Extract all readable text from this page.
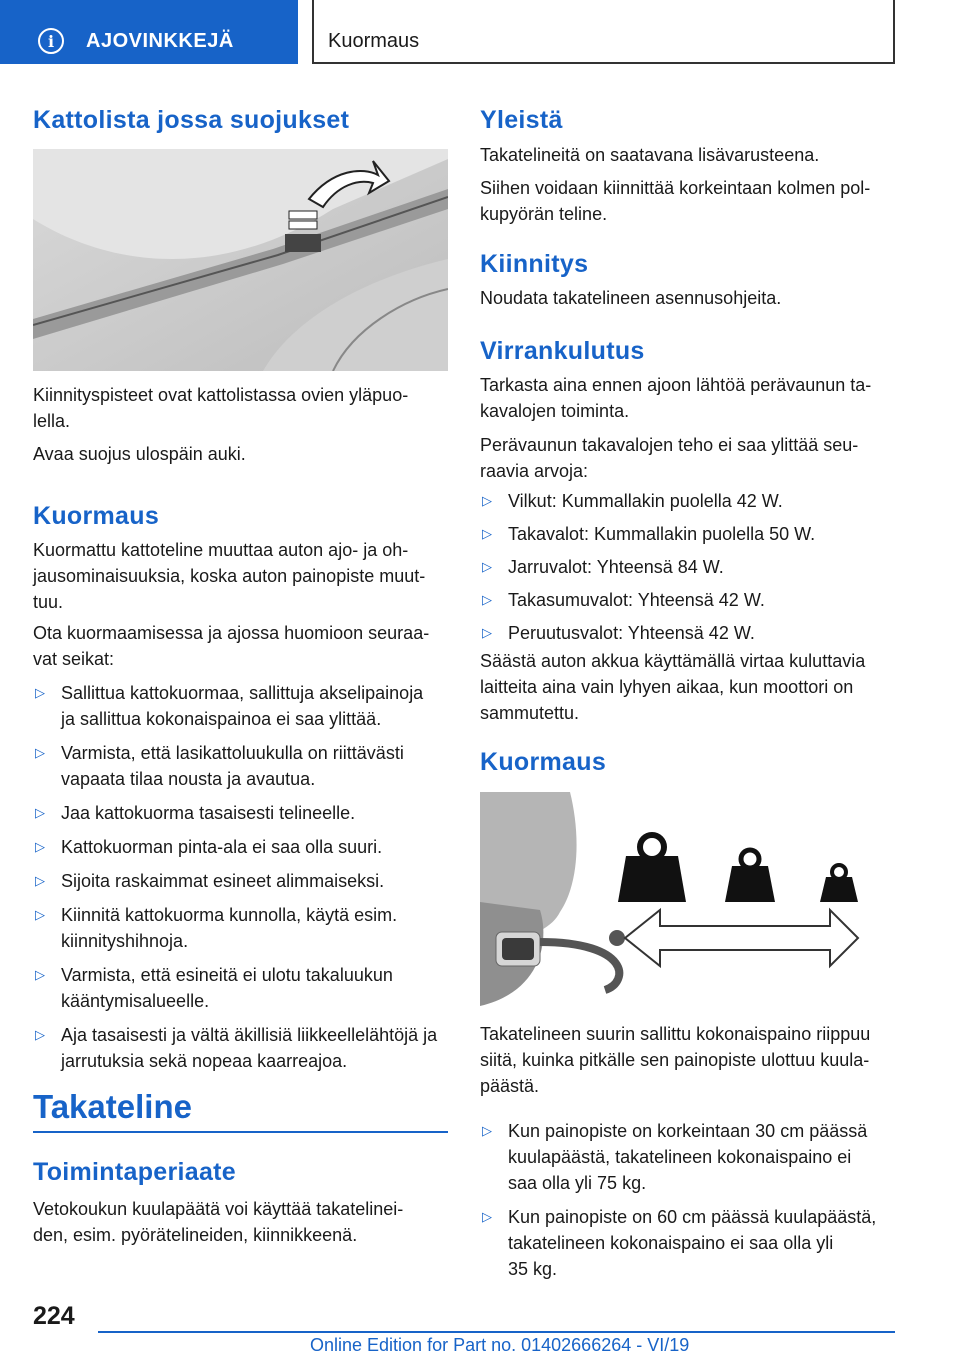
i	AJOVINKKEJÄ	Kuormaus
Kattolista jossa suojukset

Kiinnityspisteet ovat kattolistassa ovien yläpuo-
lella.

Avaa suojus ulospäin auki.

Kuormaus

Kuormattu kattoteline muuttaa auton ajo- ja oh-
jausominaisuuksia, koska auton painopiste muut-
tuu.

Ota kuormaamisessa ja ajossa huomioon seuraa-
vat seikat:

▷ Sallittua kattokuormaa, sallittuja akselipainoja
ja sallittua kokonaispainoa ei saa ylittää.
▷ Varmista, että lasikattoluukulla on riittävästi
vapaata tilaa nousta ja avautua.
▷ Jaa kattokuorma tasaisesti telineelle.
▷ Kattokuorman pinta-ala ei saa olla suuri.
▷ Sijoita raskaimmat esineet alimmaiseksi.
▷ Kiinnitä kattokuorma kunnolla, käytä esim.
kiinnityshihnoja.
▷ Varmista, että esineitä ei ulotu takaluukun
kääntymisalueelle.
▷ Aja tasaisesti ja vältä äkillisiä liikkeellelähtöjä ja
jarrutuksia sekä nopeaa kaarreajoa.
Takateline
Toimintaperiaate

Vetokoukun kuulapäätä voi käyttää takatelinei-
den, esim. pyörätelineiden, kiinnikkeenä.

Yleistä

Takatelineitä on saatavana lisävarusteena.

Siihen voidaan kiinnittää korkeintaan kolmen pol-
kupyörän teline.

Kiinnitys

Noudata takatelineen asennusohjeita.

Virrankulutus

Tarkasta aina ennen ajoon lähtöä perävaunun ta-
kavalojen toiminta.

Perävaunun takavalojen teho ei saa ylittää seu-
raavia arvoja:

▷ Vilkut: Kummallakin puolella 42 W.
▷ Takavalot: Kummallakin puolella 50 W.
▷ Jarruvalot: Yhteensä 84 W.
▷ Takasumuvalot: Yhteensä 42 W.
▷ Peruutusvalot: Yhteensä 42 W.

Säästä auton akkua käyttämällä virtaa kuluttavia
laitteita aina vain lyhyen aikaa, kun moottori on
sammutettu.

Kuormaus

Takatelineen suurin sallittu kokonaispaino riippuu
siitä, kuinka pitkälle sen painopiste ulottuu kuula-
päästä.

▷ Kun painopiste on korkeintaan 30 cm päässä
kuulapäästä, takatelineen kokonaispaino ei
saa olla yli 75 kg.
▷ Kun painopiste on 60 cm päässä kuulapäästä,
takatelineen kokonaispaino ei saa olla yli
35 kg.
224
Online Edition for Part no. 01402666264 - VI/19
